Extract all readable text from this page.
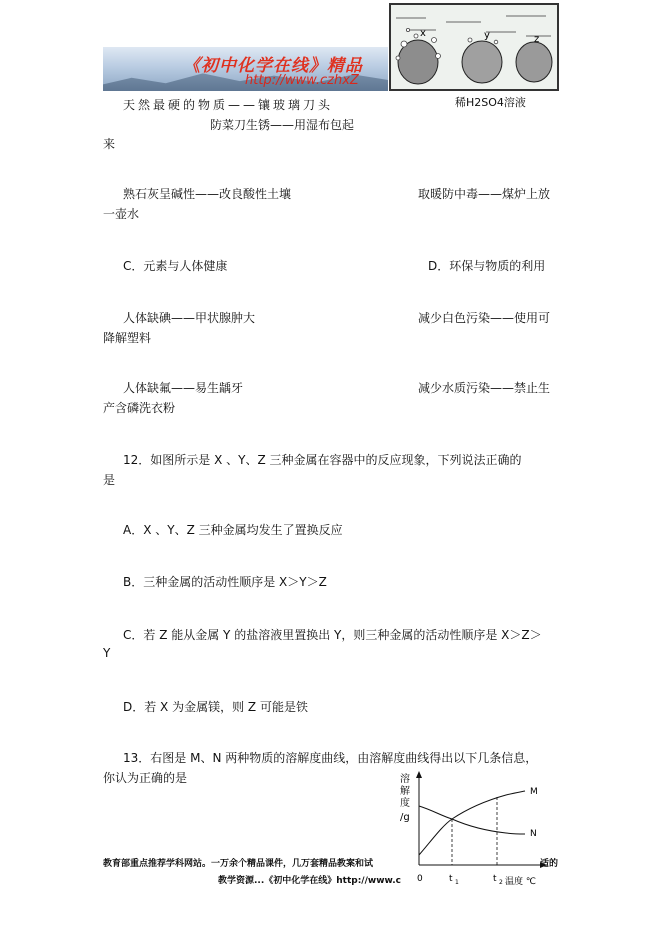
《初中化学在线》精品
http://www.czhxZ
x	y	z
稀H2SO4溶液
天然最硬的物质——镶玻璃刀头
防菜刀生锈——用湿布包起
来
熟石灰呈碱性——改良酸性土壤	取暖防中毒——煤炉上放
一壶水
C．元素与人体健康	D．环保与物质的利用
人体缺碘——甲状腺肿大	减少白色污染——使用可
降解塑料
人体缺氟——易生龋牙	减少水质污染——禁止生
产含磷洗衣粉
12．如图所示是 X 、Y、Z 三种金属在容器中的反应现象，下列说法正确的
是
A．X 、Y、Z 三种金属均发生了置换反应
B．三种金属的活动性顺序是 X＞Y＞Z
C．若 Z 能从金属 Y 的盐溶液里置换出 Y，则三种金属的活动性顺序是 X＞Z＞
Y
D．若 X 为金属镁，则 Z 可能是铁
13．右图是 M、N 两种物质的溶解度曲线，由溶解度曲线得出以下几条信息，
你认为正确的是	溶
解
度
/g
M
N
0	t 1	t 2 温度 ℃
教育部重点推荐学科网站。一万余个精品课件，几万套精品教案和试	适的
教学资源...《初中化学在线》http://www.c
